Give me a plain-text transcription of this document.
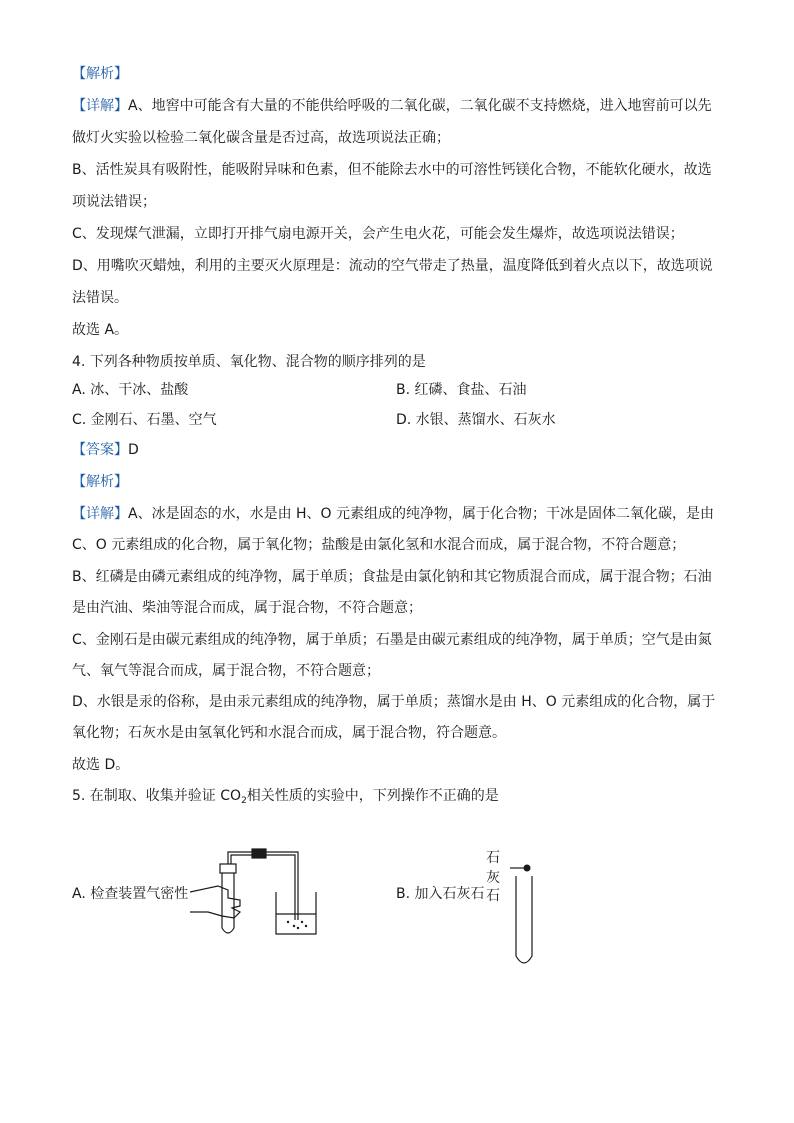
【解析】
【详解】A、地窖中可能含有大量的不能供给呼吸的二氧化碳，二氧化碳不支持燃烧，进入地窖前可以先
做灯火实验以检验二氧化碳含量是否过高，故选项说法正确；
B、活性炭具有吸附性，能吸附异味和色素，但不能除去水中的可溶性钙镁化合物，不能软化硬水，故选
项说法错误；
C、发现煤气泄漏，立即打开排气扇电源开关，会产生电火花，可能会发生爆炸，故选项说法错误；
D、用嘴吹灭蜡烛，利用的主要灭火原理是：流动的空气带走了热量，温度降低到着火点以下，故选项说
法错误。
故选 A。
4. 下列各种物质按单质、氧化物、混合物的顺序排列的是
A. 冰、干冰、盐酸	B. 红磷、食盐、石油
C. 金刚石、石墨、空气	D. 水银、蒸馏水、石灰水
【答案】D
【解析】
【详解】A、冰是固态的水，水是由 H、O 元素组成的纯净物，属于化合物；干冰是固体二氧化碳，是由
C、O 元素组成的化合物，属于氧化物；盐酸是由氯化氢和水混合而成，属于混合物，不符合题意；
B、红磷是由磷元素组成的纯净物，属于单质；食盐是由氯化钠和其它物质混合而成，属于混合物；石油
是由汽油、柴油等混合而成，属于混合物，不符合题意；
C、金刚石是由碳元素组成的纯净物，属于单质；石墨是由碳元素组成的纯净物，属于单质；空气是由氮
气、氧气等混合而成，属于混合物，不符合题意；
D、水银是汞的俗称，是由汞元素组成的纯净物，属于单质；蒸馏水是由 H、O 元素组成的化合物，属于
氧化物；石灰水是由氢氧化钙和水混合而成，属于混合物，符合题意。
故选 D。
5. 在制取、收集并验证 $CO_2$相关性质的实验中，下列操作不正确的是
A. 检查装置气密性	B. 加入石灰石
石
灰
石
